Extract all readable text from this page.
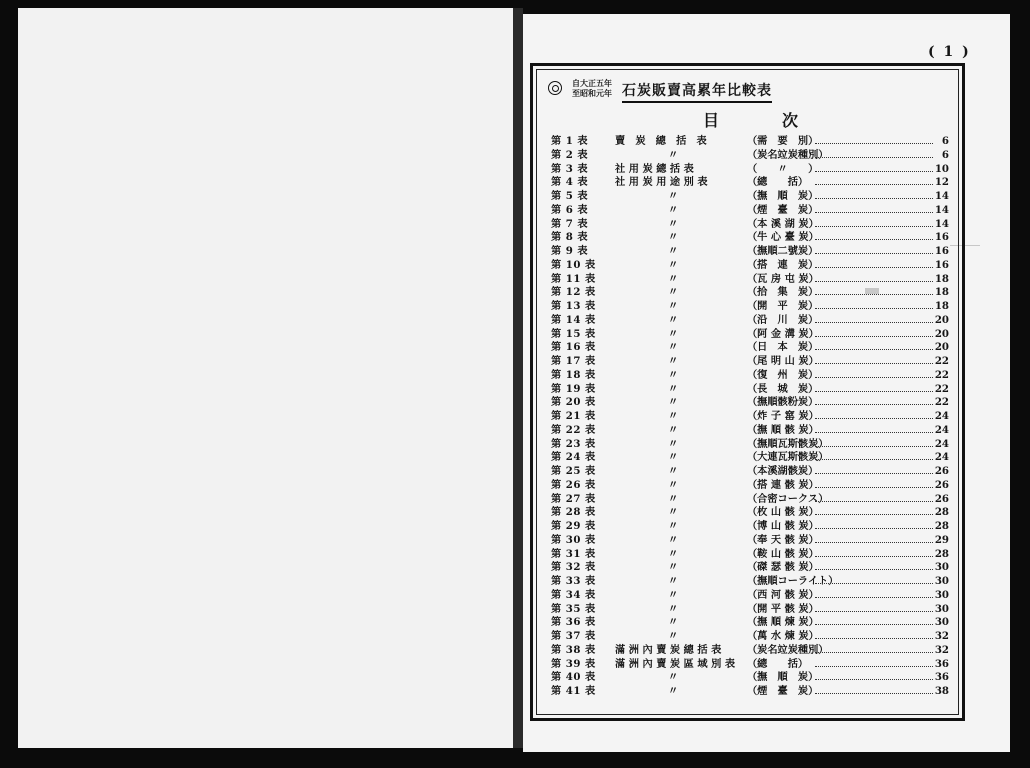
( 1 )
自大正五年
至昭和元年 石炭販賣高累年比較表
目	次
第 1 表	賣　炭　總　括　表	（需　要　別）	6
第 2 表	〃	（炭名竝炭種別）	6
第 3 表	社 用 炭 總 括 表	（　　〃　　）	10
第 4 表	社 用 炭 用 途 別 表	（總　　括）	12
第 5 表	〃	（撫　順　炭）	14
第 6 表	〃	（煙　臺　炭）	14
第 7 表	〃	（本 溪 湖 炭）	14
第 8 表	〃	（牛 心 臺 炭）	16
第 9 表	〃	（撫順二號炭）	16
第 10 表	〃	（搭　連　炭）	16
第 11 表	〃	（瓦 房 屯 炭）	18
第 12 表	〃	（拾　集　炭）	18
第 13 表	〃	（開　平　炭）	18
第 14 表	〃	（沿　川　炭）	20
第 15 表	〃	（阿 金 溝 炭）	20
第 16 表	〃	（日　本　炭）	20
第 17 表	〃	（尾 明 山 炭）	22
第 18 表	〃	（復　州　炭）	22
第 19 表	〃	（長　城　炭）	22
第 20 表	〃	（撫順骸粉炭）	22
第 21 表	〃	（炸 子 窰 炭）	24
第 22 表	〃	（撫 順 骸 炭）	24
第 23 表	〃	（撫順瓦斯骸炭）	24
第 24 表	〃	（大連瓦斯骸炭）	24
第 25 表	〃	（本溪湖骸炭）	26
第 26 表	〃	（搭 連 骸 炭）	26
第 27 表	〃	（合密コークス）	26
第 28 表	〃	（枚 山 骸 炭）	28
第 29 表	〃	（博 山 骸 炭）	28
第 30 表	〃	（奉 天 骸 炭）	29
第 31 表	〃	（鞍 山 骸 炭）	28
第 32 表	〃	（磔 瑟 骸 炭）	30
第 33 表	〃	（撫順コーライト）	30
第 34 表	〃	（西 河 骸 炭）	30
第 35 表	〃	（開 平 骸 炭）	30
第 36 表	〃	（撫 順 煉 炭）	30
第 37 表	〃	（萬 水 煉 炭）	32
第 38 表	滿 洲 內 賣 炭 總 括 表	（炭名竝炭種別）	32
第 39 表	滿 洲 內 賣 炭 區 域 別 表	（總　　括）	36
第 40 表	〃	（撫　順　炭）	36
第 41 表	〃	（煙　臺　炭）	38
